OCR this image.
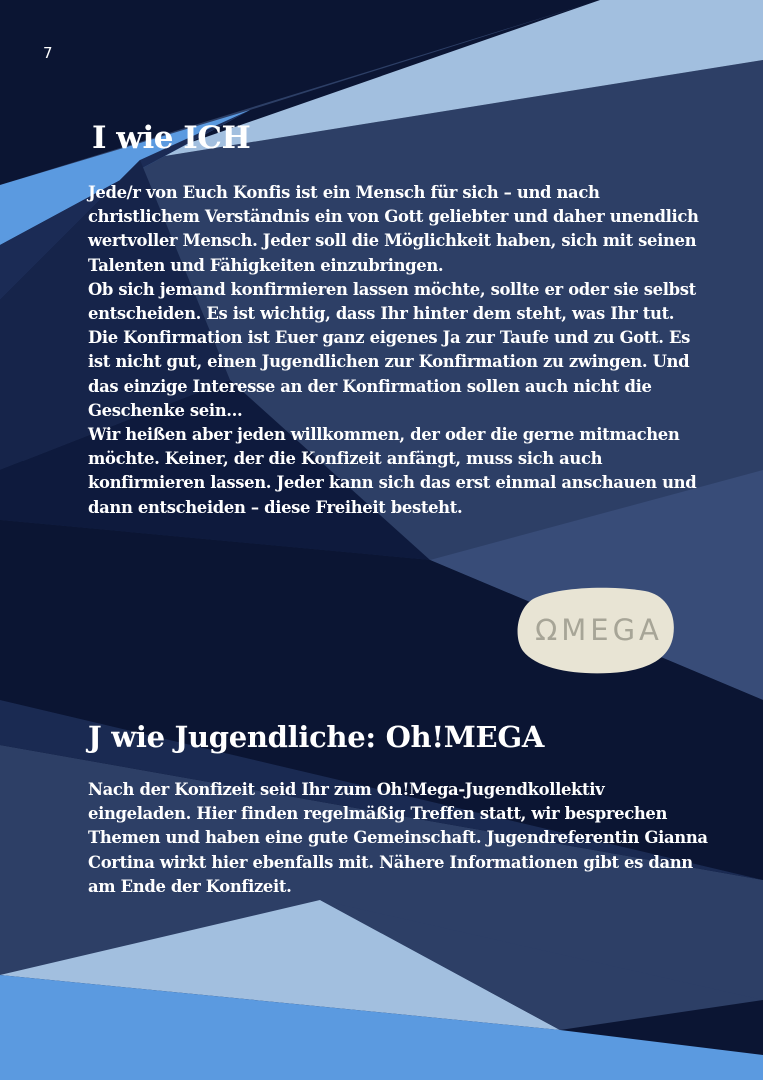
7
I wie ICH

Jede/r von Euch Konfis ist ein Mensch für sich – und nach christlichem Verständnis ein von Gott geliebter und daher unendlich wertvoller Mensch. Jeder soll die Möglichkeit haben, sich mit seinen Talenten und Fähigkeiten einzubringen.

Ob sich jemand konfirmieren lassen möchte, sollte er oder sie selbst entscheiden. Es ist wichtig, dass Ihr hinter dem steht, was Ihr tut.

Die Konfirmation ist Euer ganz eigenes Ja zur Taufe und zu Gott. Es ist nicht gut, einen Jugendlichen zur Konfirmation zu zwingen. Und das einzige Interesse an der Konfirmation sollen auch nicht die Geschenke sein...

Wir heißen aber jeden willkommen, der oder die gerne mitmachen möchte. Keiner, der die Konfizeit anfängt, muss sich auch konfirmieren lassen. Jeder kann sich das erst einmal anschauen und dann entscheiden – diese Freiheit besteht.

ΩMEGA
J wie Jugendliche: Oh!MEGA

Nach der Konfizeit seid Ihr zum Oh!Mega-Jugendkollektiv eingeladen. Hier finden regelmäßig Treffen statt, wir besprechen Themen und haben eine gute Gemeinschaft. Jugendreferentin Gianna Cortina wirkt hier ebenfalls mit. Nähere Informationen gibt es dann am Ende der Konfizeit.
